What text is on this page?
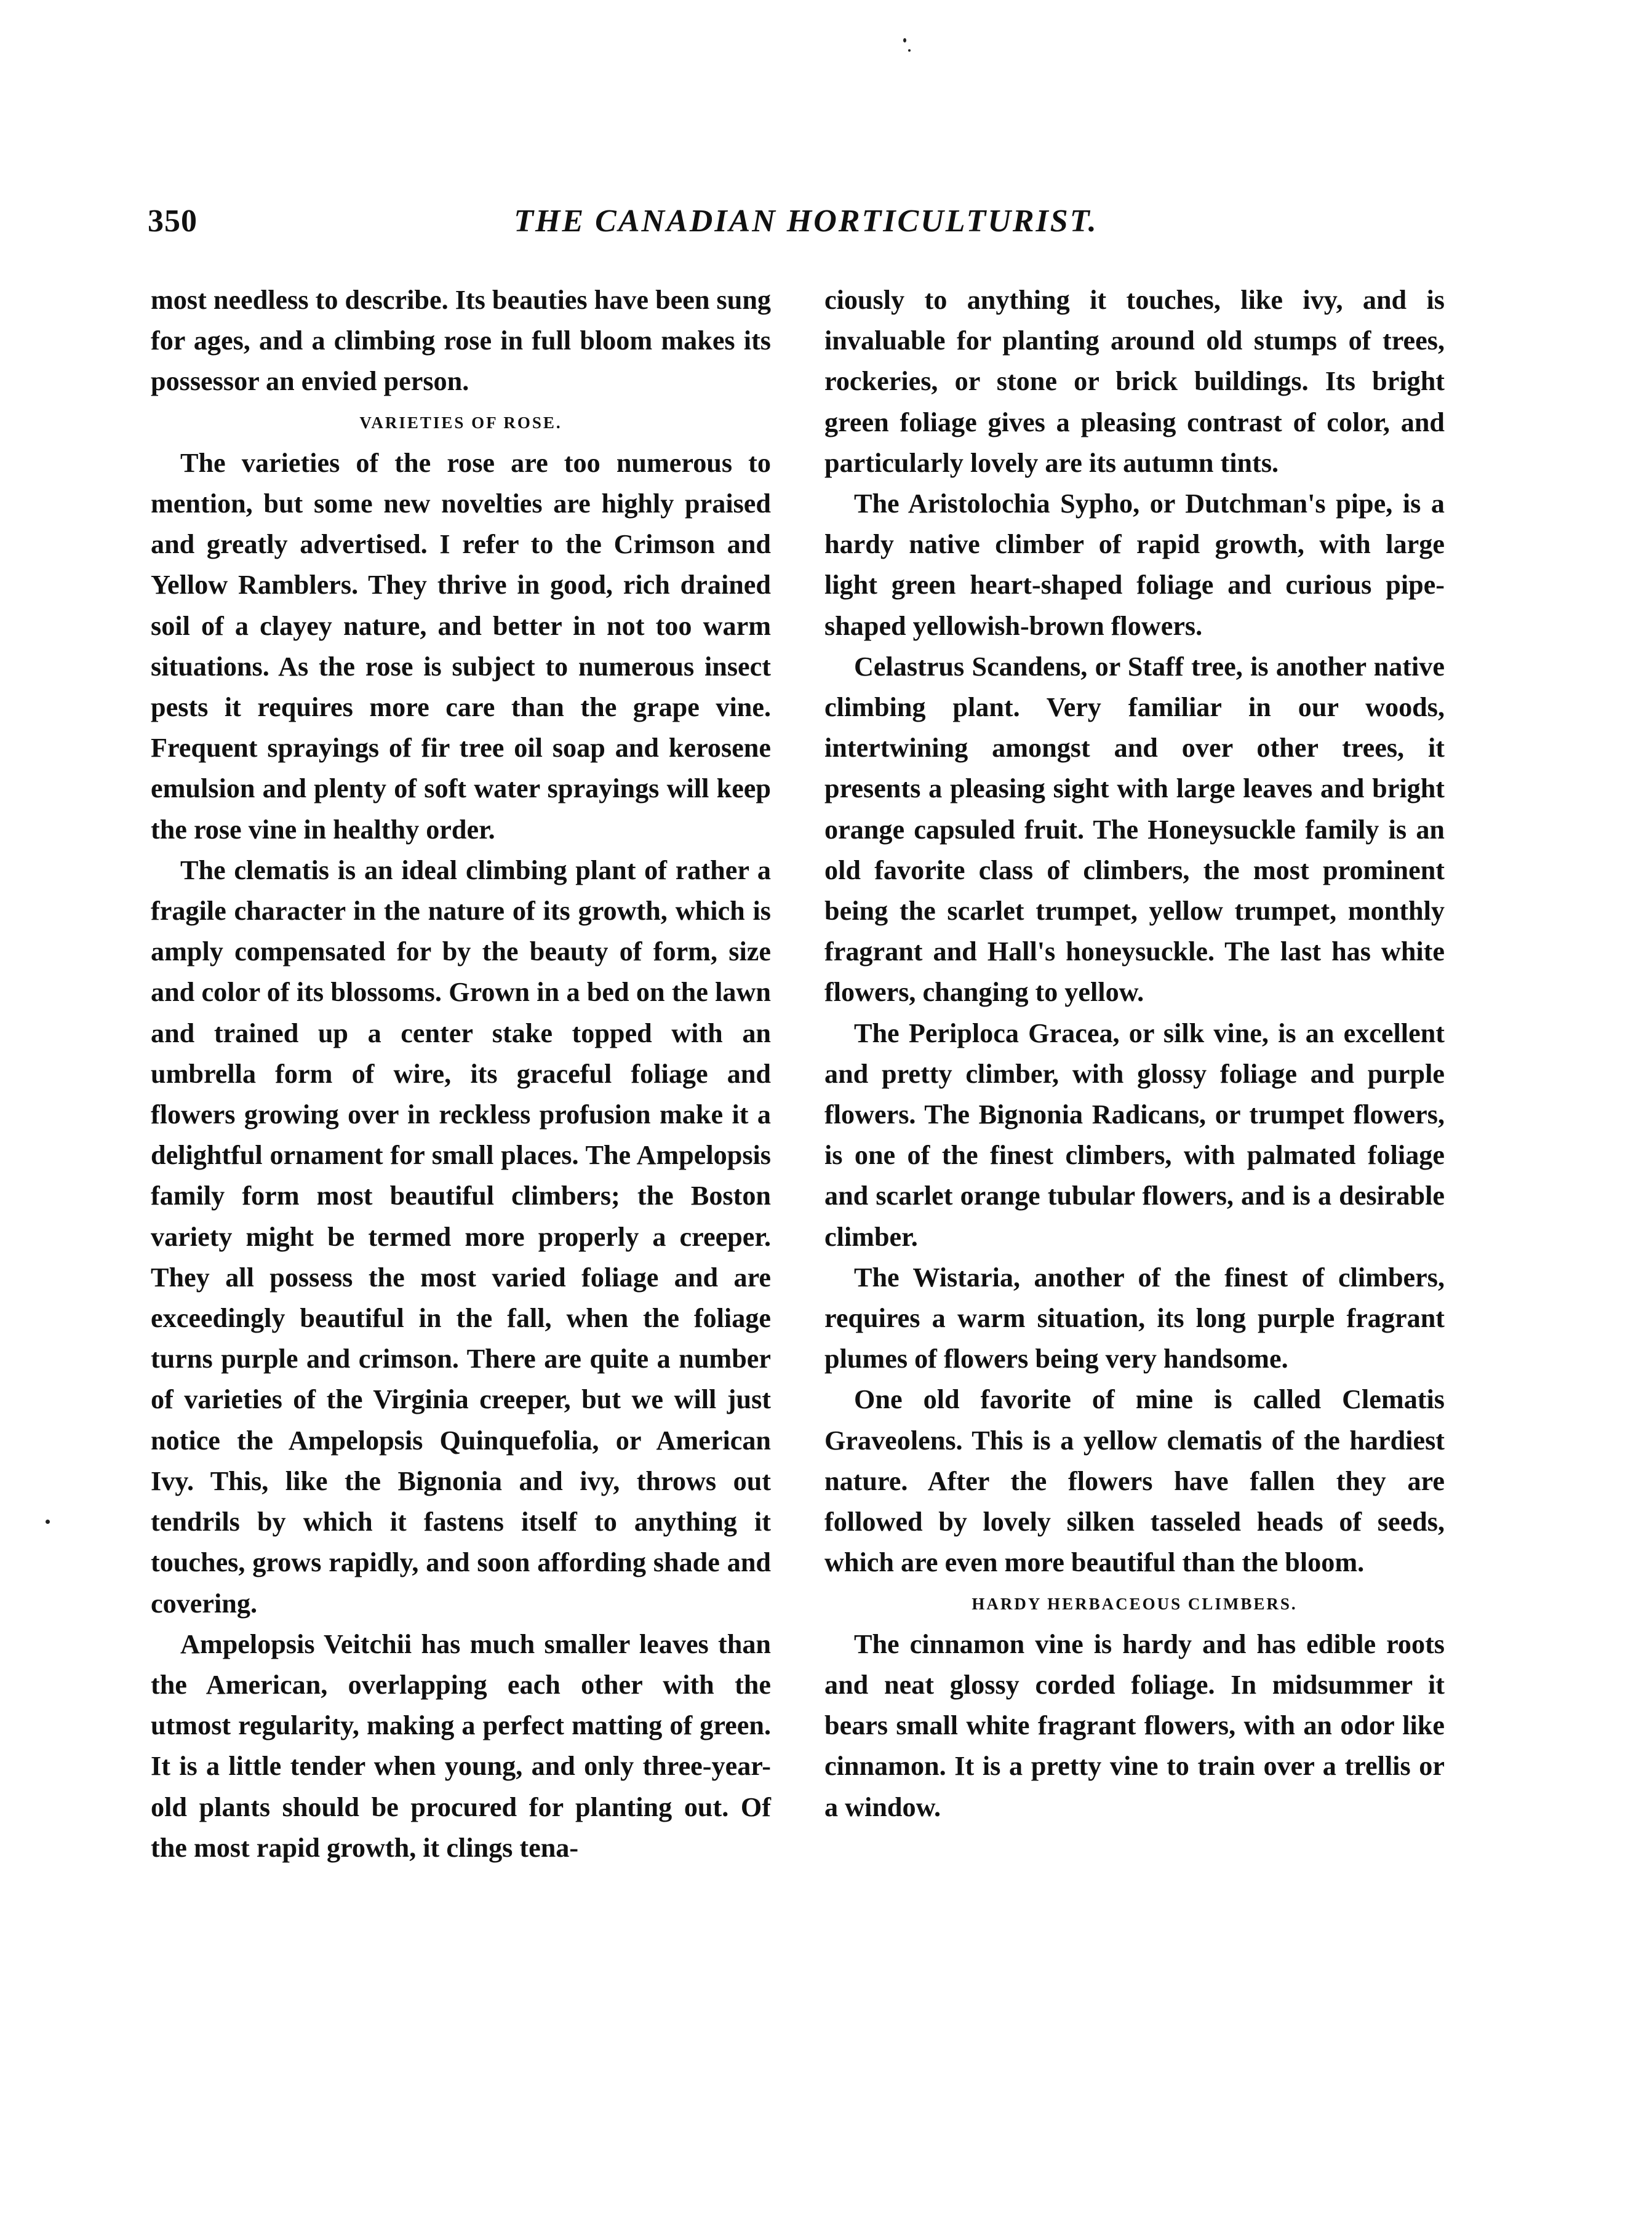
350	THE CANADIAN HORTICULTURIST.

most needless to describe. Its beauties have been sung for ages, and a climbing rose in full bloom makes its possessor an envied person.

VARIETIES OF ROSE.

The varieties of the rose are too numerous to mention, but some new novelties are highly praised and greatly advertised. I refer to the Crimson and Yellow Ramblers. They thrive in good, rich drained soil of a clayey nature, and better in not too warm situations. As the rose is subject to numerous insect pests it requires more care than the grape vine. Frequent sprayings of fir tree oil soap and kerosene emulsion and plenty of soft water sprayings will keep the rose vine in healthy order.

The clematis is an ideal climbing plant of rather a fragile character in the nature of its growth, which is amply compensated for by the beauty of form, size and color of its blossoms. Grown in a bed on the lawn and trained up a center stake topped with an umbrella form of wire, its graceful foliage and flowers growing over in reckless profusion make it a delightful ornament for small places. The Ampelopsis family form most beautiful climbers; the Boston variety might be termed more properly a creeper. They all possess the most varied foliage and are exceedingly beautiful in the fall, when the foliage turns purple and crimson. There are quite a number of varieties of the Virginia creeper, but we will just notice the Ampelopsis Quinquefolia, or American Ivy. This, like the Bignonia and ivy, throws out tendrils by which it fastens itself to anything it touches, grows rapidly, and soon affording shade and covering.

Ampelopsis Veitchii has much smaller leaves than the American, overlapping each other with the utmost regularity, making a perfect matting of green. It is a little tender when young, and only three-year-old plants should be procured for planting out. Of the most rapid growth, it clings tena-

ciously to anything it touches, like ivy, and is invaluable for planting around old stumps of trees, rockeries, or stone or brick buildings. Its bright green foliage gives a pleasing contrast of color, and particularly lovely are its autumn tints.

The Aristolochia Sypho, or Dutchman's pipe, is a hardy native climber of rapid growth, with large light green heart-shaped foliage and curious pipe-shaped yellowish-brown flowers.

Celastrus Scandens, or Staff tree, is another native climbing plant. Very familiar in our woods, intertwining amongst and over other trees, it presents a pleasing sight with large leaves and bright orange capsuled fruit. The Honeysuckle family is an old favorite class of climbers, the most prominent being the scarlet trumpet, yellow trumpet, monthly fragrant and Hall's honeysuckle. The last has white flowers, changing to yellow.

The Periploca Gracea, or silk vine, is an excellent and pretty climber, with glossy foliage and purple flowers. The Bignonia Radicans, or trumpet flowers, is one of the finest climbers, with palmated foliage and scarlet orange tubular flowers, and is a desirable climber.

The Wistaria, another of the finest of climbers, requires a warm situation, its long purple fragrant plumes of flowers being very handsome.

One old favorite of mine is called Clematis Graveolens. This is a yellow clematis of the hardiest nature. After the flowers have fallen they are followed by lovely silken tasseled heads of seeds, which are even more beautiful than the bloom.

HARDY HERBACEOUS CLIMBERS.

The cinnamon vine is hardy and has edible roots and neat glossy corded foliage. In midsummer it bears small white fragrant flowers, with an odor like cinnamon. It is a pretty vine to train over a trellis or a window.
